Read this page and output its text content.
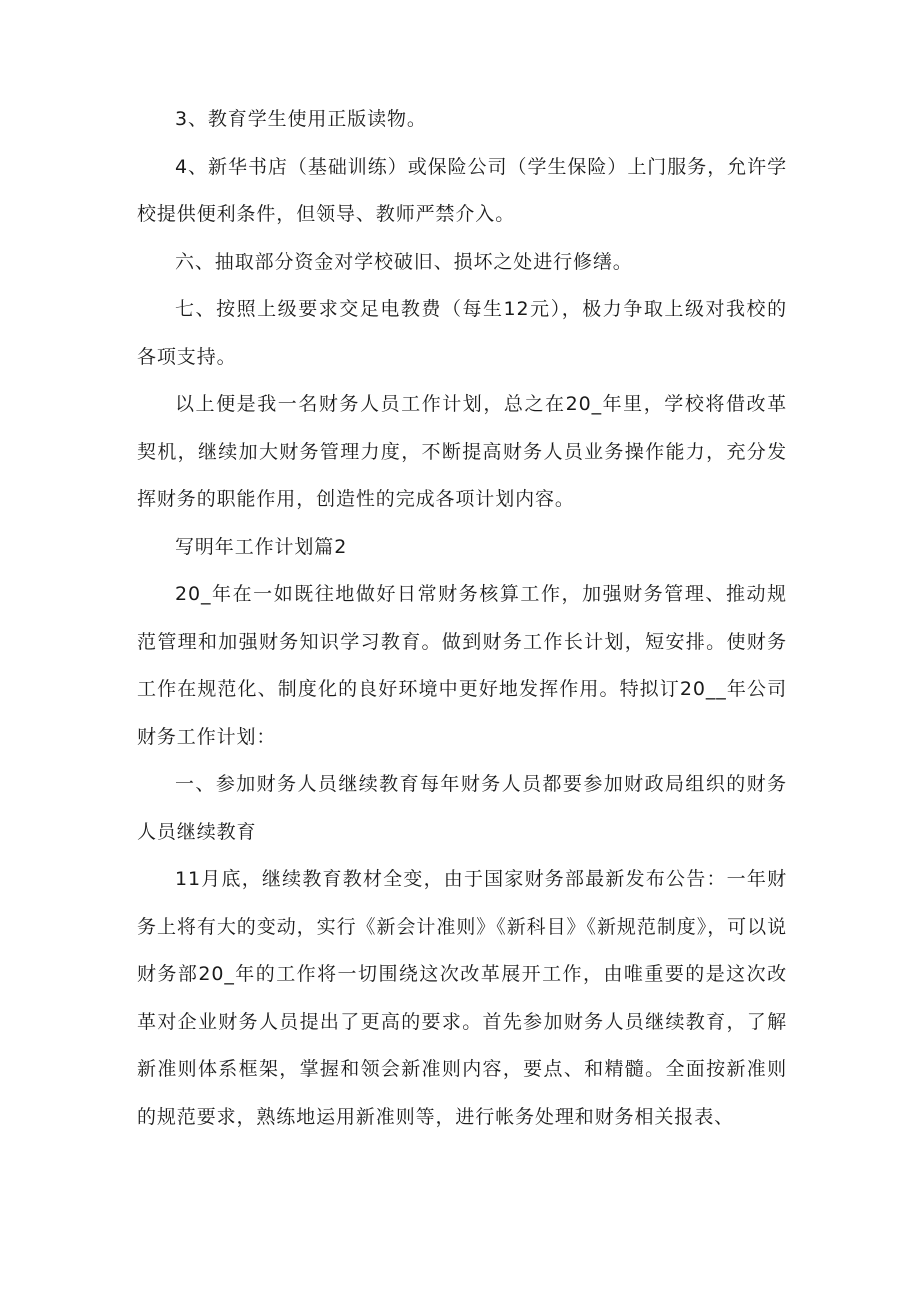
3、教育学生使用正版读物。

4、新华书店（基础训练）或保险公司（学生保险）上门服务，允许学校提供便利条件，但领导、教师严禁介入。

六、抽取部分资金对学校破旧、损坏之处进行修缮。

七、按照上级要求交足电教费（每生12元），极力争取上级对我校的各项支持。

以上便是我一名财务人员工作计划，总之在20_年里，学校将借改革契机，继续加大财务管理力度，不断提高财务人员业务操作能力，充分发挥财务的职能作用，创造性的完成各项计划内容。

写明年工作计划篇2

20_年在一如既往地做好日常财务核算工作，加强财务管理、推动规范管理和加强财务知识学习教育。做到财务工作长计划，短安排。使财务工作在规范化、制度化的良好环境中更好地发挥作用。特拟订20__年公司财务工作计划：

一、参加财务人员继续教育每年财务人员都要参加财政局组织的财务人员继续教育

11月底，继续教育教材全变，由于国家财务部最新发布公告：一年财务上将有大的变动，实行《新会计准则》《新科目》《新规范制度》，可以说财务部20_年的工作将一切围绕这次改革展开工作，由唯重要的是这次改革对企业财务人员提出了更高的要求。首先参加财务人员继续教育，了解新准则体系框架，掌握和领会新准则内容，要点、和精髓。全面按新准则的规范要求，熟练地运用新准则等，进行帐务处理和财务相关报表、
